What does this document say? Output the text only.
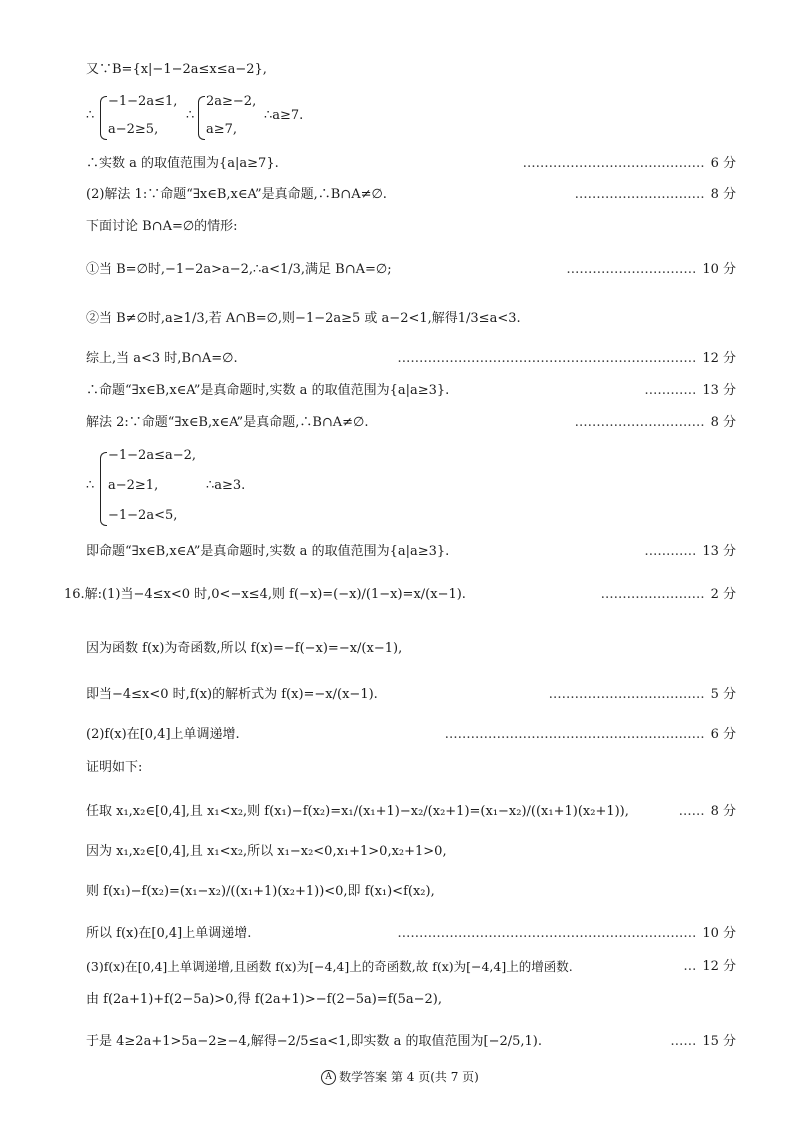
又∵B={x|−1−2a≤x≤a−2},
∴
−1−2a≤1,
a−2≥5,
∴
2a≥−2,
a≥7,
∴a≥7.
∴实数 a 的取值范围为{a|a≥7}.	…………………………………… 6 分
(2)解法 1:∵命题“∃x∈B,x∈A”是真命题,∴B∩A≠∅.	………………………… 8 分
下面讨论 B∩A=∅的情形:
①当 B=∅时,−1−2a>a−2,∴a<1/3,满足 B∩A=∅;	………………………… 10 分
②当 B≠∅时,a≥1/3,若 A∩B=∅,则−1−2a≥5 或 a−2<1,解得1/3≤a<3.
综上,当 a<3 时,B∩A=∅.	…………………………………………………………… 12 分
∴命题“∃x∈B,x∈A”是真命题时,实数 a 的取值范围为{a|a≥3}.	………… 13 分
解法 2:∵命题“∃x∈B,x∈A”是真命题,∴B∩A≠∅.	………………………… 8 分
∴
−1−2a≤a−2,
a−2≥1,
−1−2a<5,
∴a≥3.
即命题“∃x∈B,x∈A”是真命题时,实数 a 的取值范围为{a|a≥3}.	………… 13 分
16.解:(1)当−4≤x<0 时,0<−x≤4,则 f(−x)=(−x)/(1−x)=x/(x−1).	…………………… 2 分
因为函数 f(x)为奇函数,所以 f(x)=−f(−x)=−x/(x−1),
即当−4≤x<0 时,f(x)的解析式为 f(x)=−x/(x−1).	……………………………… 5 分
(2)f(x)在[0,4]上单调递增.	…………………………………………………… 6 分
证明如下:
任取 x₁,x₂∈[0,4],且 x₁<x₂,则 f(x₁)−f(x₂)=x₁/(x₁+1)−x₂/(x₂+1)=(x₁−x₂)/((x₁+1)(x₂+1)),	…… 8 分
因为 x₁,x₂∈[0,4],且 x₁<x₂,所以 x₁−x₂<0,x₁+1>0,x₂+1>0,
则 f(x₁)−f(x₂)=(x₁−x₂)/((x₁+1)(x₂+1))<0,即 f(x₁)<f(x₂),
所以 f(x)在[0,4]上单调递增.	…………………………………………………………… 10 分
(3)f(x)在[0,4]上单调递增,且函数 f(x)为[−4,4]上的奇函数,故 f(x)为[−4,4]上的增函数.	… 12 分
由 f(2a+1)+f(2−5a)>0,得 f(2a+1)>−f(2−5a)=f(5a−2),
于是 4≥2a+1>5a−2≥−4,解得−2/5≤a<1,即实数 a 的取值范围为[−2/5,1).	…… 15 分
A 数学答案 第 4 页(共 7 页)
